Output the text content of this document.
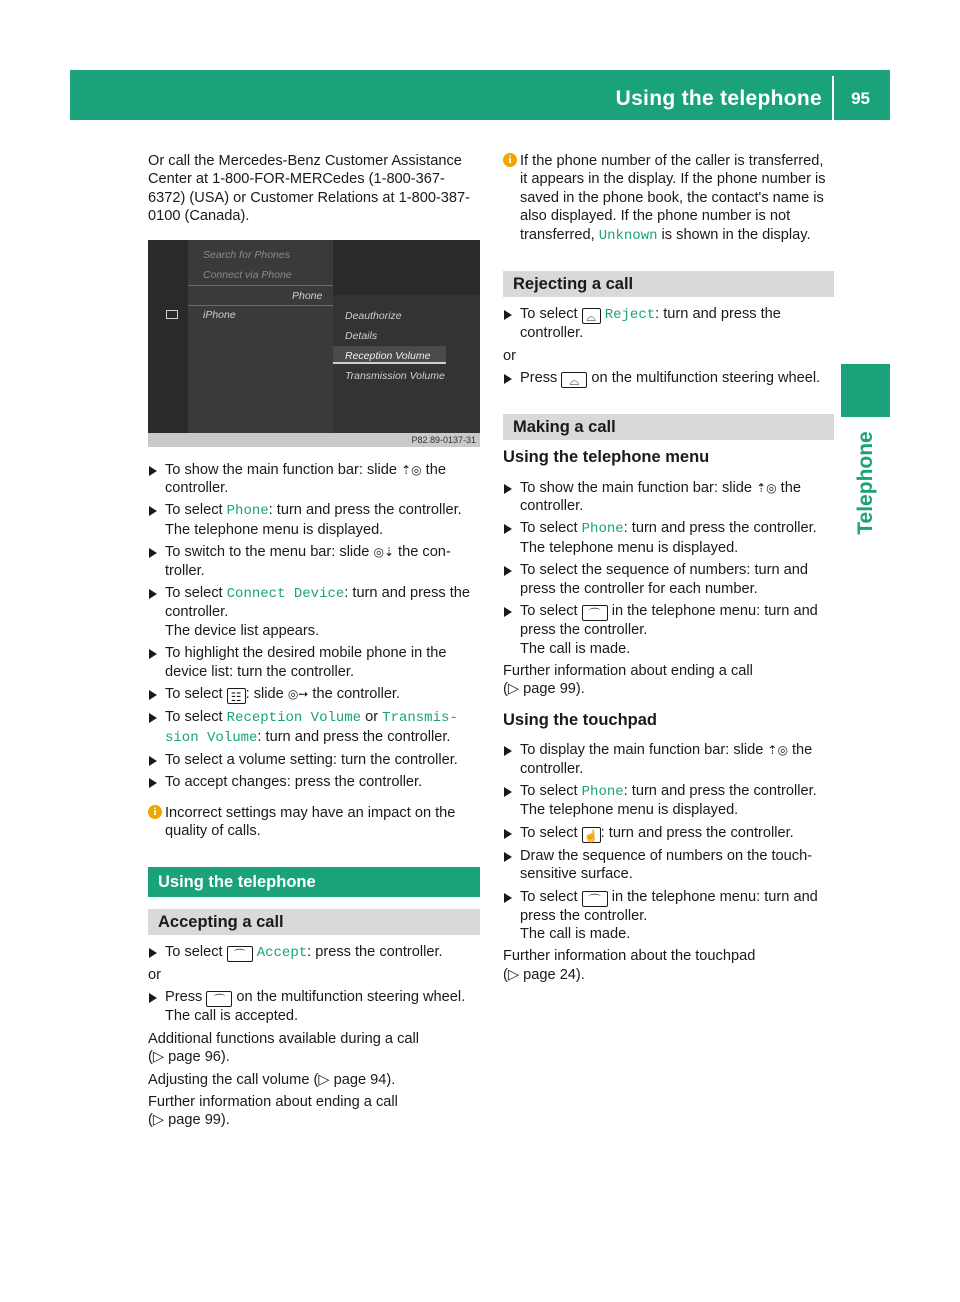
Using the telephone 95
Telephone

Or call the Mercedes-Benz Customer Assistance Center at 1-800-FOR-MERCedes (1-800-367-6372) (USA) or Customer Relations at 1-800-387-0100 (Canada).

Search for Phones
Connect via Phone
Phone
iPhone	Deauthorize
Details
Reception Volume
Transmission Volume
P82.89-0137-31
To show the main function bar: slide ⇡◎ the controller.
To select Phone: turn and press the controller.
The telephone menu is displayed.
To switch to the menu bar: slide ◎⇣ the controller.
To select Connect Device: turn and press the controller.
The device list appears.
To highlight the desired mobile phone in the device list: turn the controller.
To select ☷ : slide ◎➙ the controller.
To select Reception Volume or Transmission Volume: turn and press the controller.
To select a volume setting: turn the controller.
To accept changes: press the controller.
i Incorrect settings may have an impact on the quality of calls.
Using the telephone
Accepting a call
To select ⌒ Accept: press the controller.

or

Press ⌒ on the multifunction steering wheel.
The call is accepted.

Additional functions available during a call
(▷ page 96).

Adjusting the call volume (▷ page 94).

Further information about ending a call
(▷ page 99).

i If the phone number of the caller is transferred, it appears in the display. If the phone number is saved in the phone book, the contact's name is also displayed. If the phone number is not transferred, Unknown is shown in the display.
Rejecting a call
To select ⌓ Reject: turn and press the controller.

or

Press ⌓ on the multifunction steering wheel.
Making a call
Using the telephone menu
To show the main function bar: slide ⇡◎ the controller.
To select Phone: turn and press the controller.
The telephone menu is displayed.
To select the sequence of numbers: turn and press the controller for each number.
To select ⌒ in the telephone menu: turn and press the controller.
The call is made.

Further information about ending a call
(▷ page 99).

Using the touchpad
To display the main function bar: slide ⇡◎ the controller.
To select Phone: turn and press the controller.
The telephone menu is displayed.
To select ☝ : turn and press the controller.
Draw the sequence of numbers on the touch-sensitive surface.
To select ⌒ in the telephone menu: turn and press the controller.
The call is made.

Further information about the touchpad
(▷ page 24).
